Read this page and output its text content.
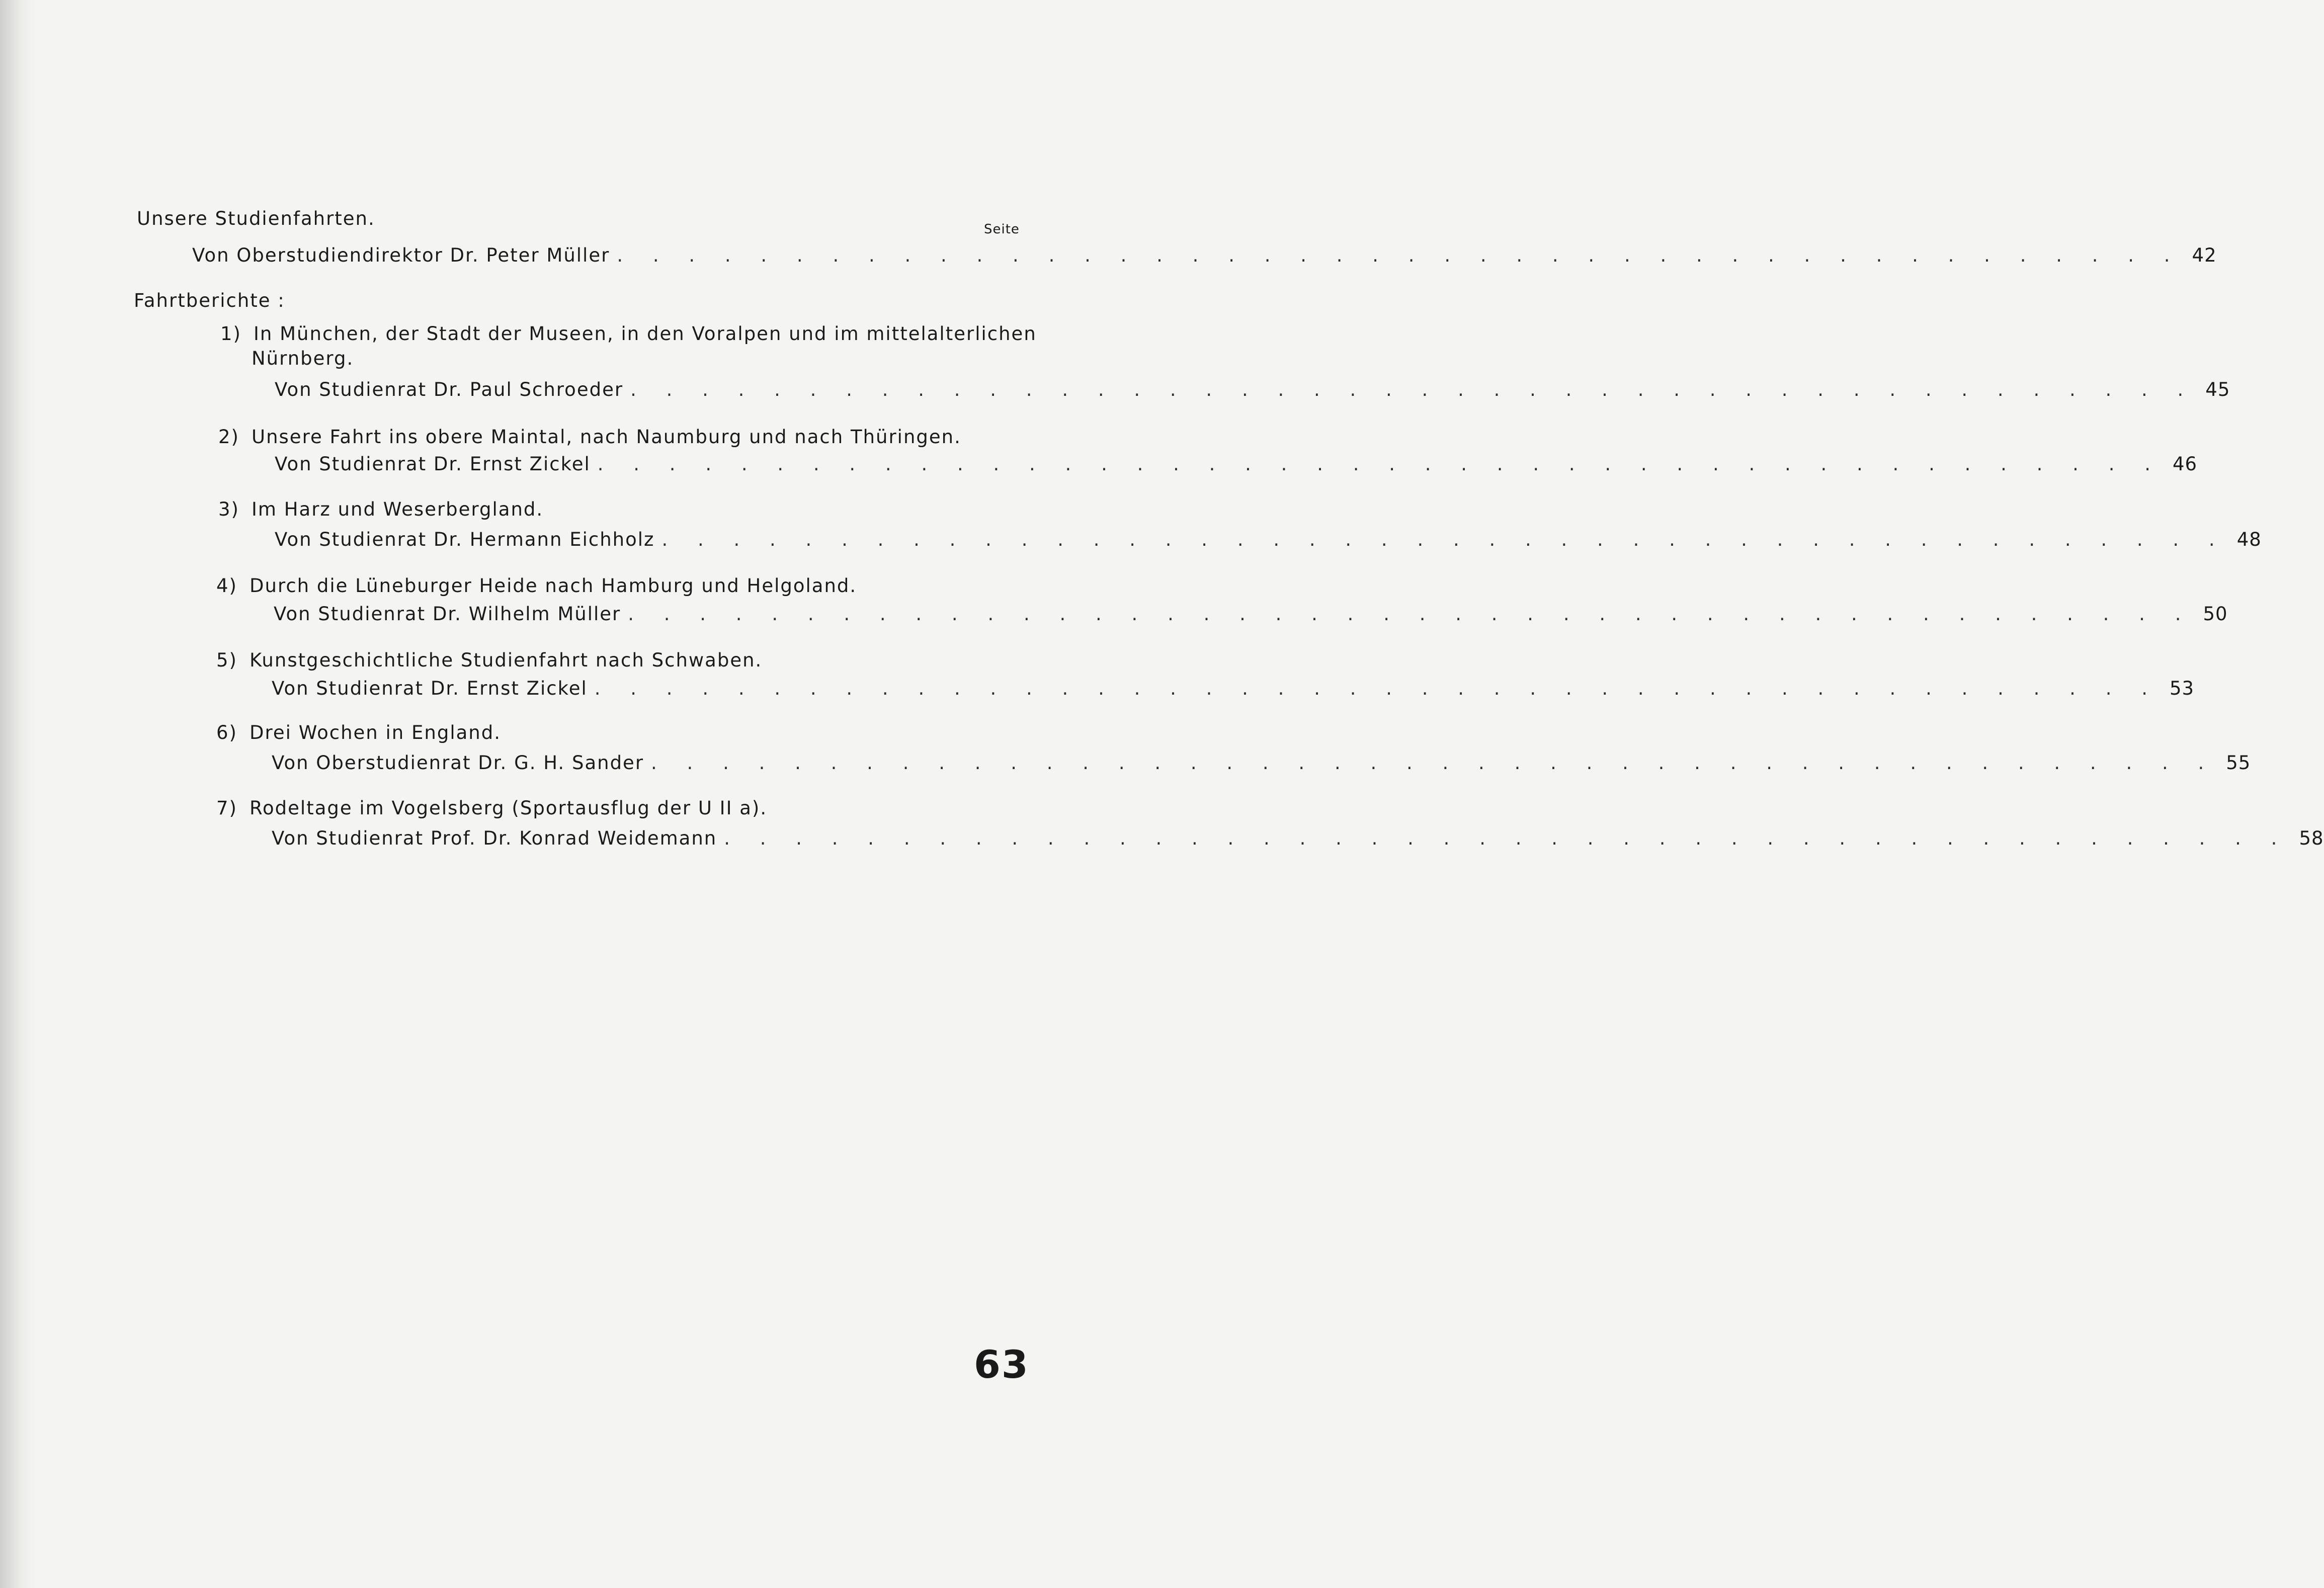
Seite
Unsere Studienfahrten.
Von Oberstudiendirektor Dr. Peter Müller . . . . . . . . . . . . . . . . . . . . . . . . . . . . . . . . . . . . . . . . . . . . 42
Fahrtberichte :
1) In München, der Stadt der Museen, in den Voralpen und im mittelalterlichen
Nürnberg.
Von Studienrat Dr. Paul Schroeder . . . . . . . . . . . . . . . . . . . . . . . . . . . . . . . . . . . . . . . . . . . . 45
2) Unsere Fahrt ins obere Maintal, nach Naumburg und nach Thüringen.
Von Studienrat Dr. Ernst Zickel . . . . . . . . . . . . . . . . . . . . . . . . . . . . . . . . . . . . . . . . . . . . 46
3) Im Harz und Weserbergland.
Von Studienrat Dr. Hermann Eichholz . . . . . . . . . . . . . . . . . . . . . . . . . . . . . . . . . . . . . . . . . . . . 48
4) Durch die Lüneburger Heide nach Hamburg und Helgoland.
Von Studienrat Dr. Wilhelm Müller . . . . . . . . . . . . . . . . . . . . . . . . . . . . . . . . . . . . . . . . . . . . 50
5) Kunstgeschichtliche Studienfahrt nach Schwaben.
Von Studienrat Dr. Ernst Zickel . . . . . . . . . . . . . . . . . . . . . . . . . . . . . . . . . . . . . . . . . . . . 53
6) Drei Wochen in England.
Von Oberstudienrat Dr. G. H. Sander . . . . . . . . . . . . . . . . . . . . . . . . . . . . . . . . . . . . . . . . . . . . 55
7) Rodeltage im Vogelsberg (Sportausflug der U II a).
Von Studienrat Prof. Dr. Konrad Weidemann . . . . . . . . . . . . . . . . . . . . . . . . . . . . . . . . . . . . . . . . . . . . 58
63
